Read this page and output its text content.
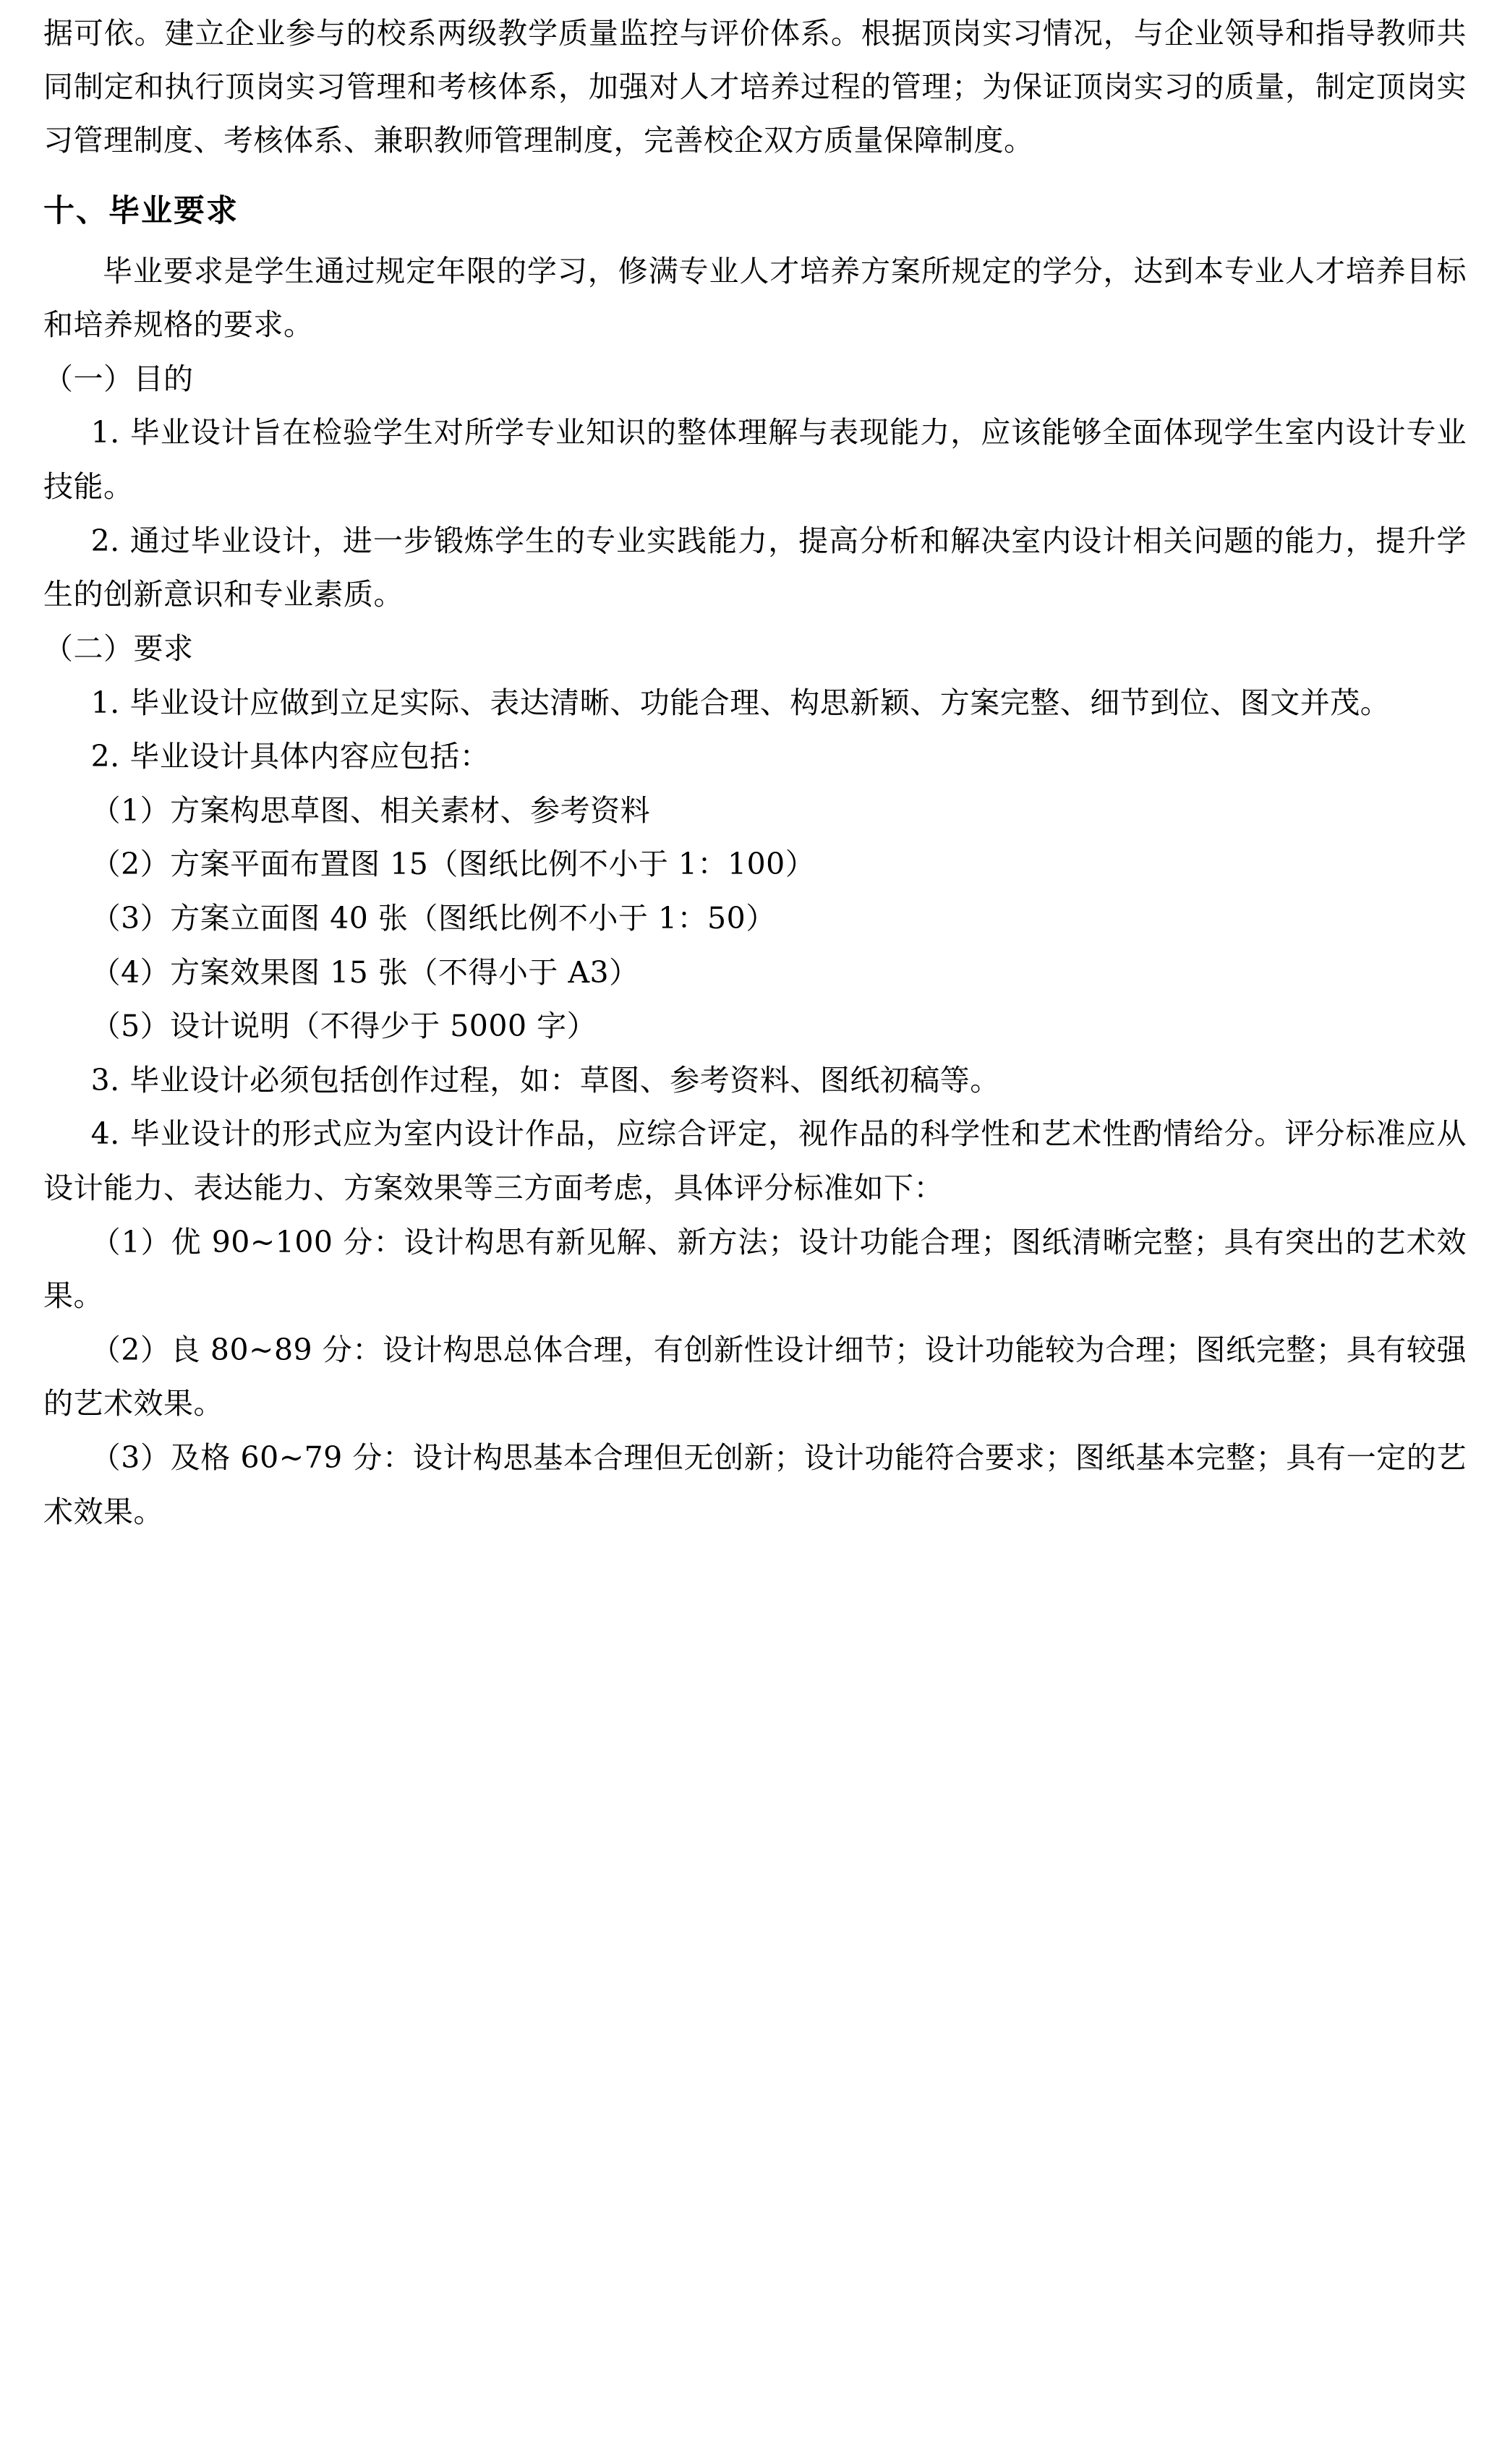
据可依。建立企业参与的校系两级教学质量监控与评价体系。根据顶岗实习情况，与企业领导和指导教师共同制定和执行顶岗实习管理和考核体系，加强对人才培养过程的管理；为保证顶岗实习的质量，制定顶岗实习管理制度、考核体系、兼职教师管理制度，完善校企双方质量保障制度。

十、毕业要求

毕业要求是学生通过规定年限的学习，修满专业人才培养方案所规定的学分，达到本专业人才培养目标和培养规格的要求。

（一）目的

1. 毕业设计旨在检验学生对所学专业知识的整体理解与表现能力，应该能够全面体现学生室内设计专业技能。

2. 通过毕业设计，进一步锻炼学生的专业实践能力，提高分析和解决室内设计相关问题的能力，提升学生的创新意识和专业素质。

（二）要求

1. 毕业设计应做到立足实际、表达清晰、功能合理、构思新颖、方案完整、细节到位、图文并茂。

2. 毕业设计具体内容应包括：

（1）方案构思草图、相关素材、参考资料

（2）方案平面布置图 15（图纸比例不小于 1：100）

（3）方案立面图 40 张（图纸比例不小于 1：50）

（4）方案效果图 15 张（不得小于 A3）

（5）设计说明（不得少于 5000 字）

3. 毕业设计必须包括创作过程，如：草图、参考资料、图纸初稿等。

4. 毕业设计的形式应为室内设计作品，应综合评定，视作品的科学性和艺术性酌情给分。评分标准应从设计能力、表达能力、方案效果等三方面考虑，具体评分标准如下：

（1）优 90~100 分：设计构思有新见解、新方法；设计功能合理；图纸清晰完整；具有突出的艺术效果。

（2）良 80~89 分：设计构思总体合理，有创新性设计细节；设计功能较为合理；图纸完整；具有较强的艺术效果。

（3）及格 60~79 分：设计构思基本合理但无创新；设计功能符合要求；图纸基本完整；具有一定的艺术效果。
